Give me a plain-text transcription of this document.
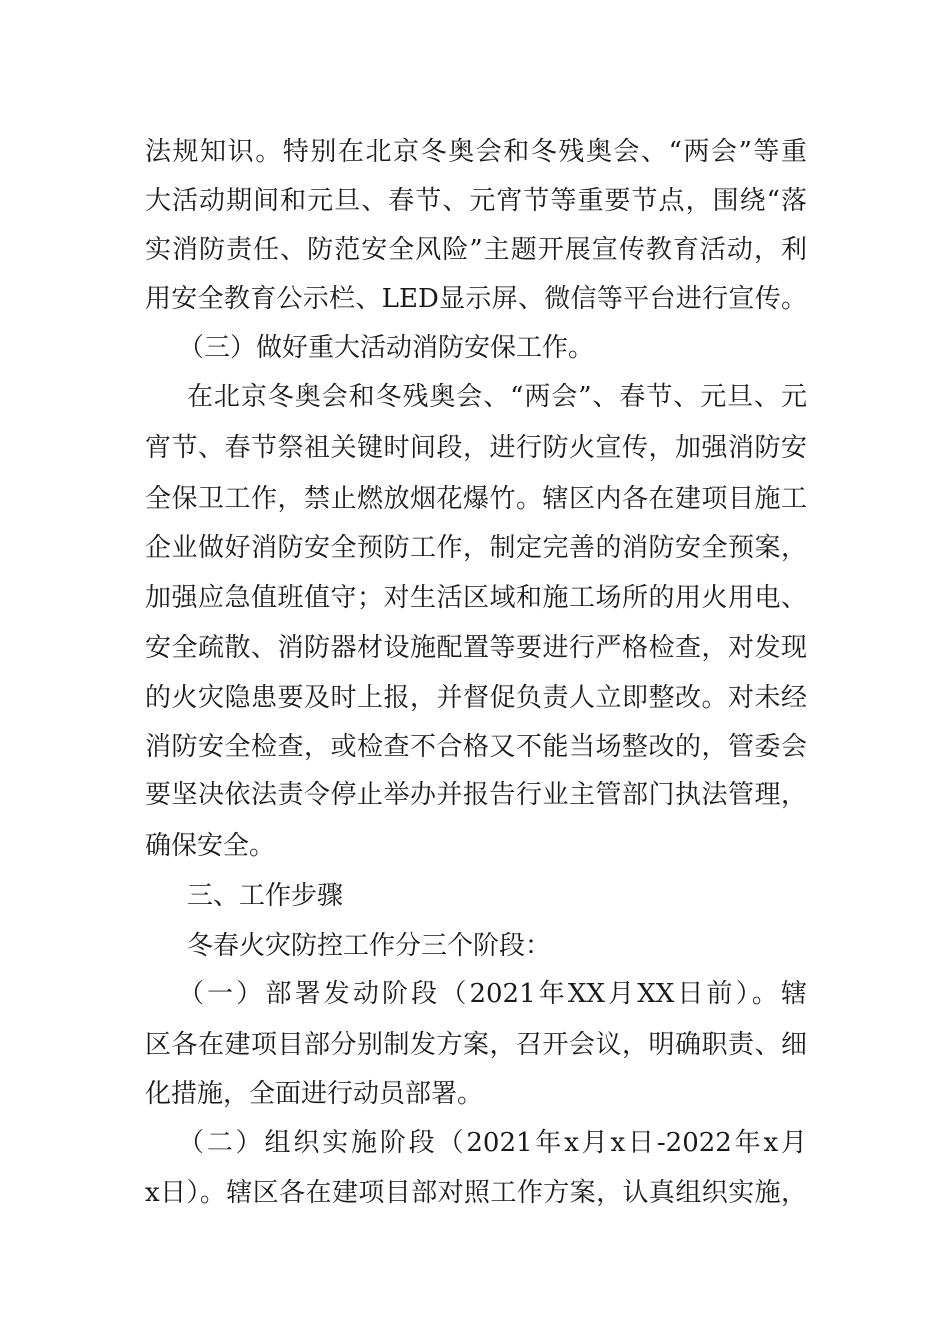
法规知识。特别在北京冬奥会和冬残奥会、“两会”等重
大活动期间和元旦、春节、元宵节等重要节点，围绕“落
实消防责任、防范安全风险”主题开展宣传教育活动，利
用安全教育公示栏、LED显示屏、微信等平台进行宣传。
（三）做好重大活动消防安保工作。
在北京冬奥会和冬残奥会、“两会”、春节、元旦、元
宵节、春节祭祖关键时间段，进行防火宣传，加强消防安
全保卫工作，禁止燃放烟花爆竹。辖区内各在建项目施工
企业做好消防安全预防工作，制定完善的消防安全预案，
加强应急值班值守；对生活区域和施工场所的用火用电、
安全疏散、消防器材设施配置等要进行严格检查，对发现
的火灾隐患要及时上报，并督促负责人立即整改。对未经
消防安全检查，或检查不合格又不能当场整改的，管委会
要坚决依法责令停止举办并报告行业主管部门执法管理，
确保安全。
三、工作步骤
冬春火灾防控工作分三个阶段：
（一）部署发动阶段（2021年XX月XX日前）。辖
区各在建项目部分别制发方案，召开会议，明确职责、细
化措施，全面进行动员部署。
（二）组织实施阶段（2021年x月x日-2022年x月
x日）。辖区各在建项目部对照工作方案，认真组织实施，
